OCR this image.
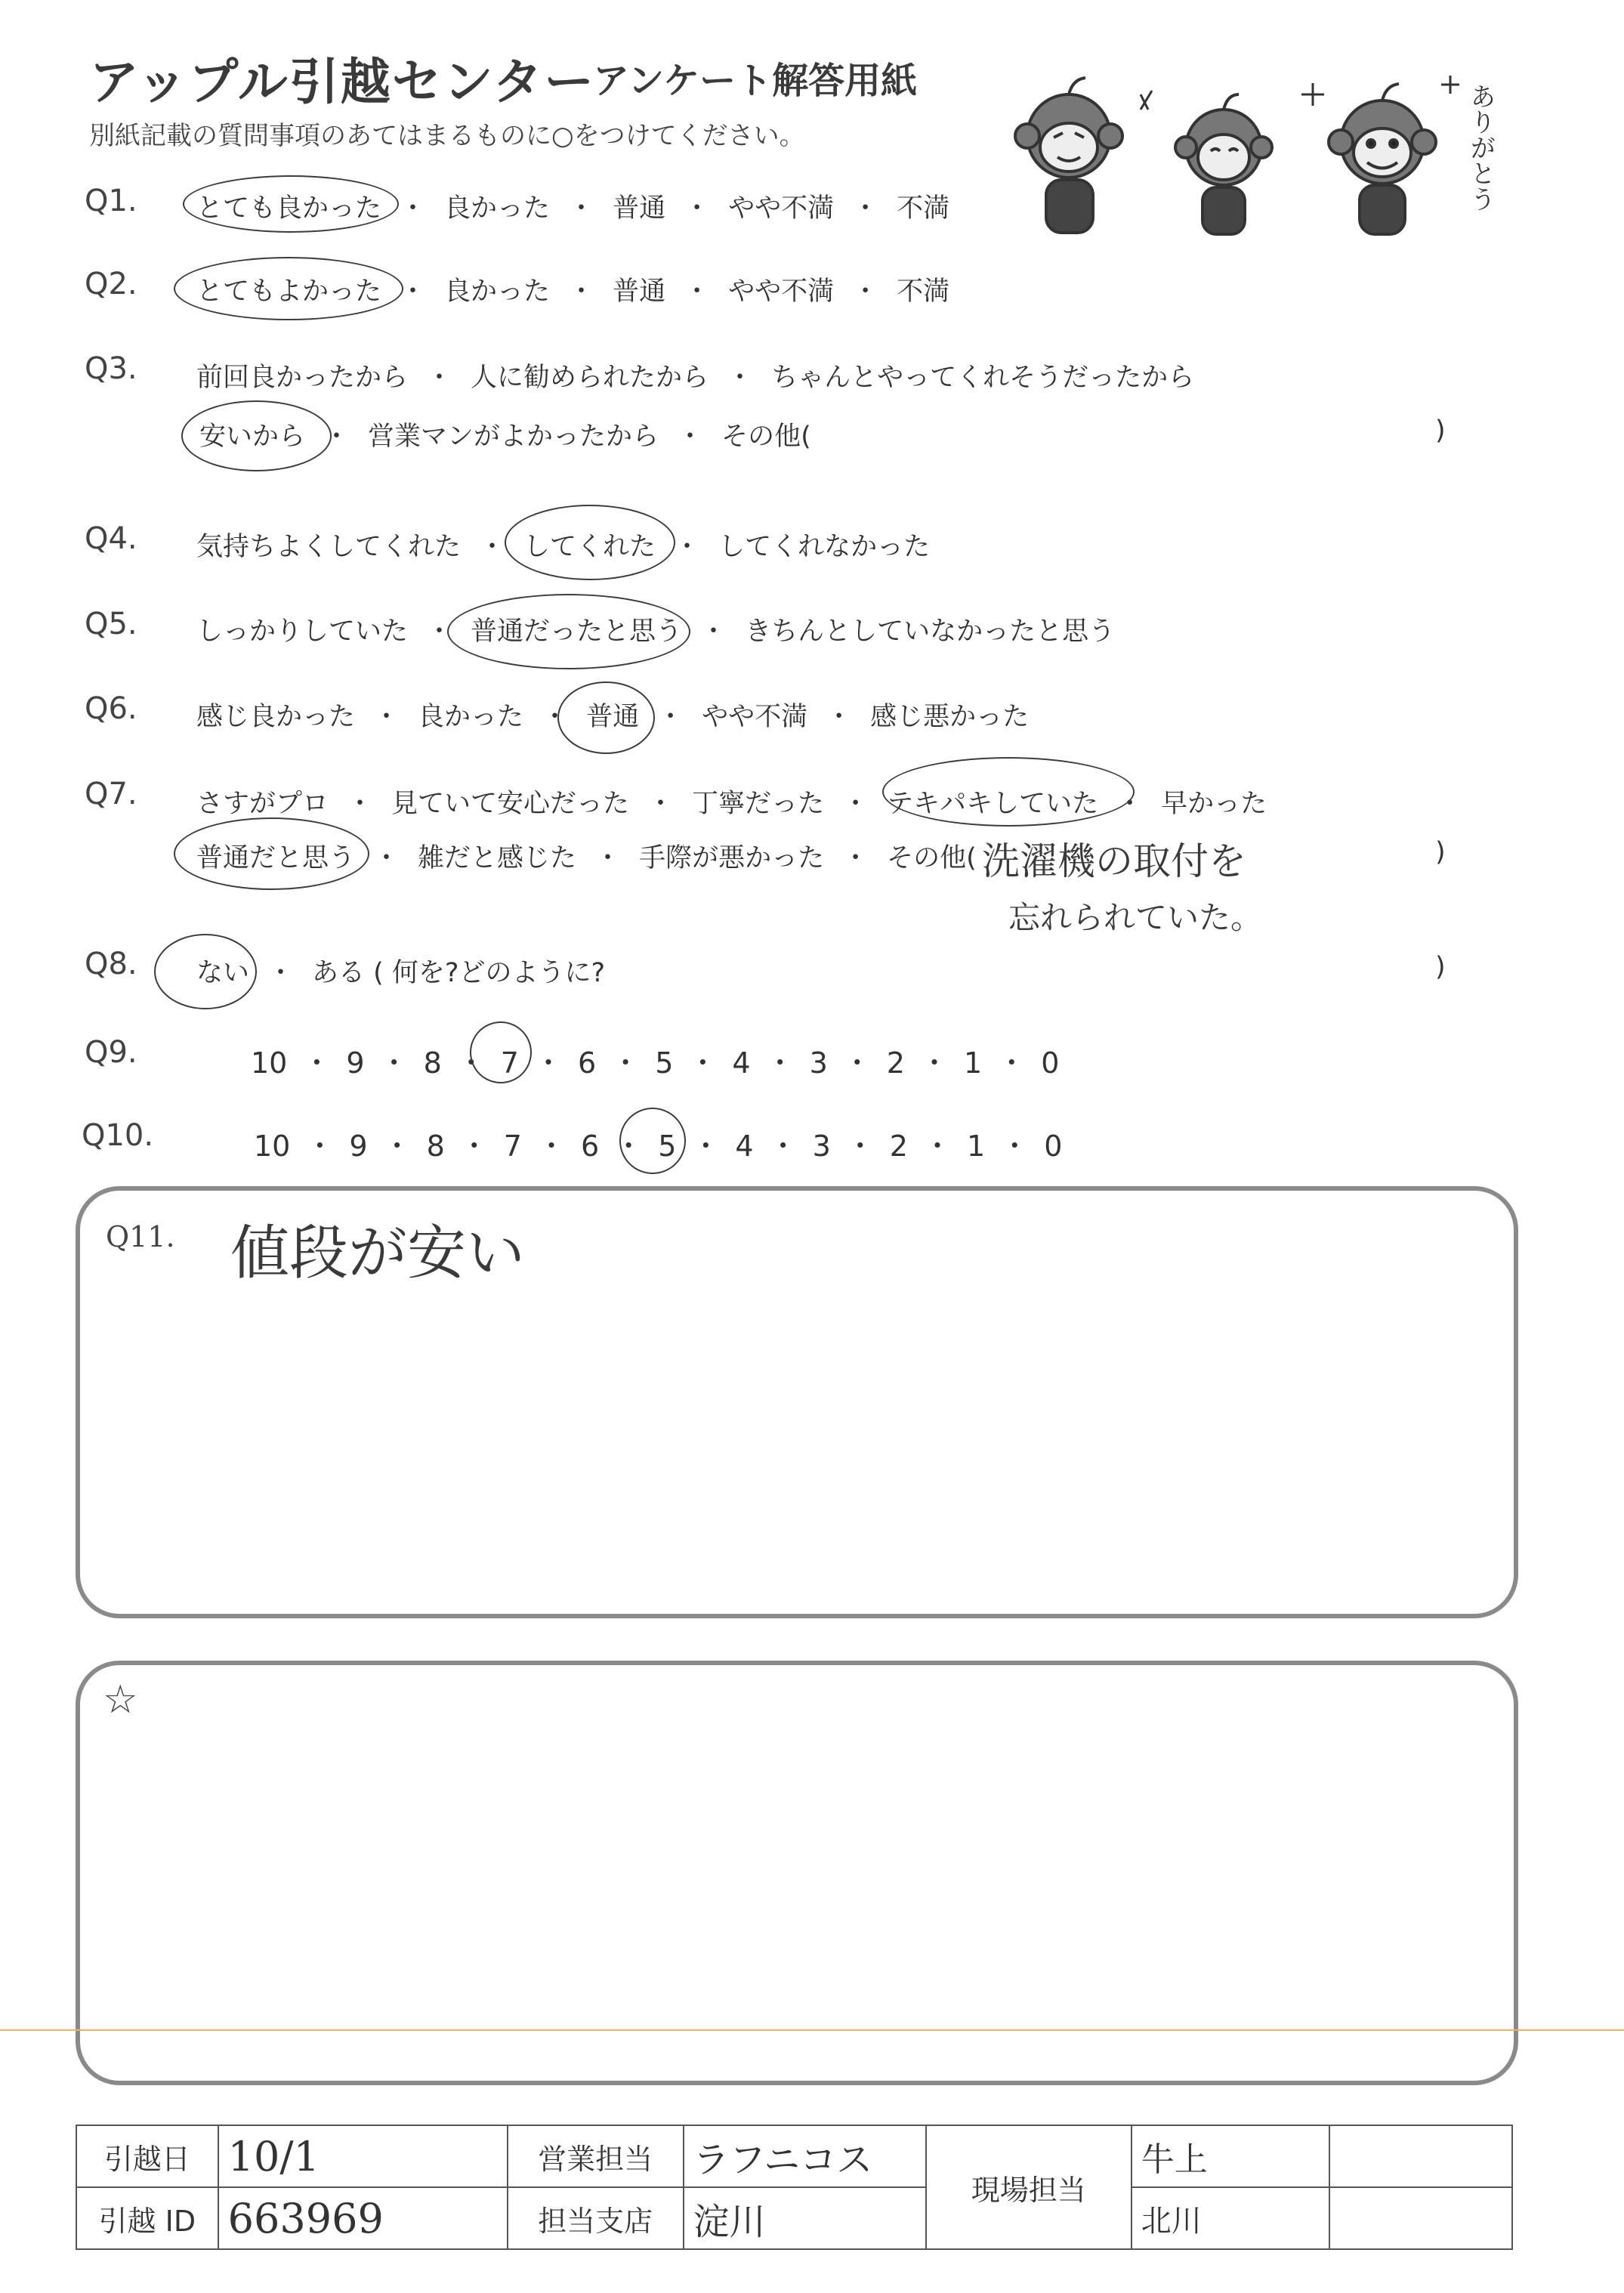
アップル引越センター
アンケート解答用紙
別紙記載の質問事項のあてはまるものに○をつけてください。	ありがとう
Q1. とても良かった ・ 良かった ・ 普通 ・ やや不満 ・ 不満
Q2. とてもよかった ・ 良かった ・ 普通 ・ やや不満 ・ 不満
Q3. 前回良かったから ・ 人に勧められたから ・ ちゃんとやってくれそうだったから
安いから ・ 営業マンがよかったから ・ その他(	)
Q4. 気持ちよくしてくれた ・ してくれた ・ してくれなかった
Q5. しっかりしていた ・ 普通だったと思う ・ きちんとしていなかったと思う
Q6. 感じ良かった ・ 良かった ・ 普通 ・ やや不満 ・ 感じ悪かった
Q7. さすがプロ ・ 見ていて安心だった ・ 丁寧だった ・ テキパキしていた ・ 早かった
普通だと思う ・ 雑だと感じた ・ 手際が悪かった ・ その他( 洗濯機の取付を	)
忘れられていた。
Q8. ない ・ ある ( 何を?どのように?	)
Q9.	10 ・ 9 ・ 8 ・ 7 ・ 6 ・ 5 ・ 4 ・ 3 ・ 2 ・ 1 ・ 0
Q10.	10 ・ 9 ・ 8 ・ 7 ・ 6 ・ 5 ・ 4 ・ 3 ・ 2 ・ 1 ・ 0
Q11. 値段が安い
☆
引越日	10/1	営業担当	ラフニコス	現場担当	牛上	
引越 ID	663969	担当支店	淀川		北川	
